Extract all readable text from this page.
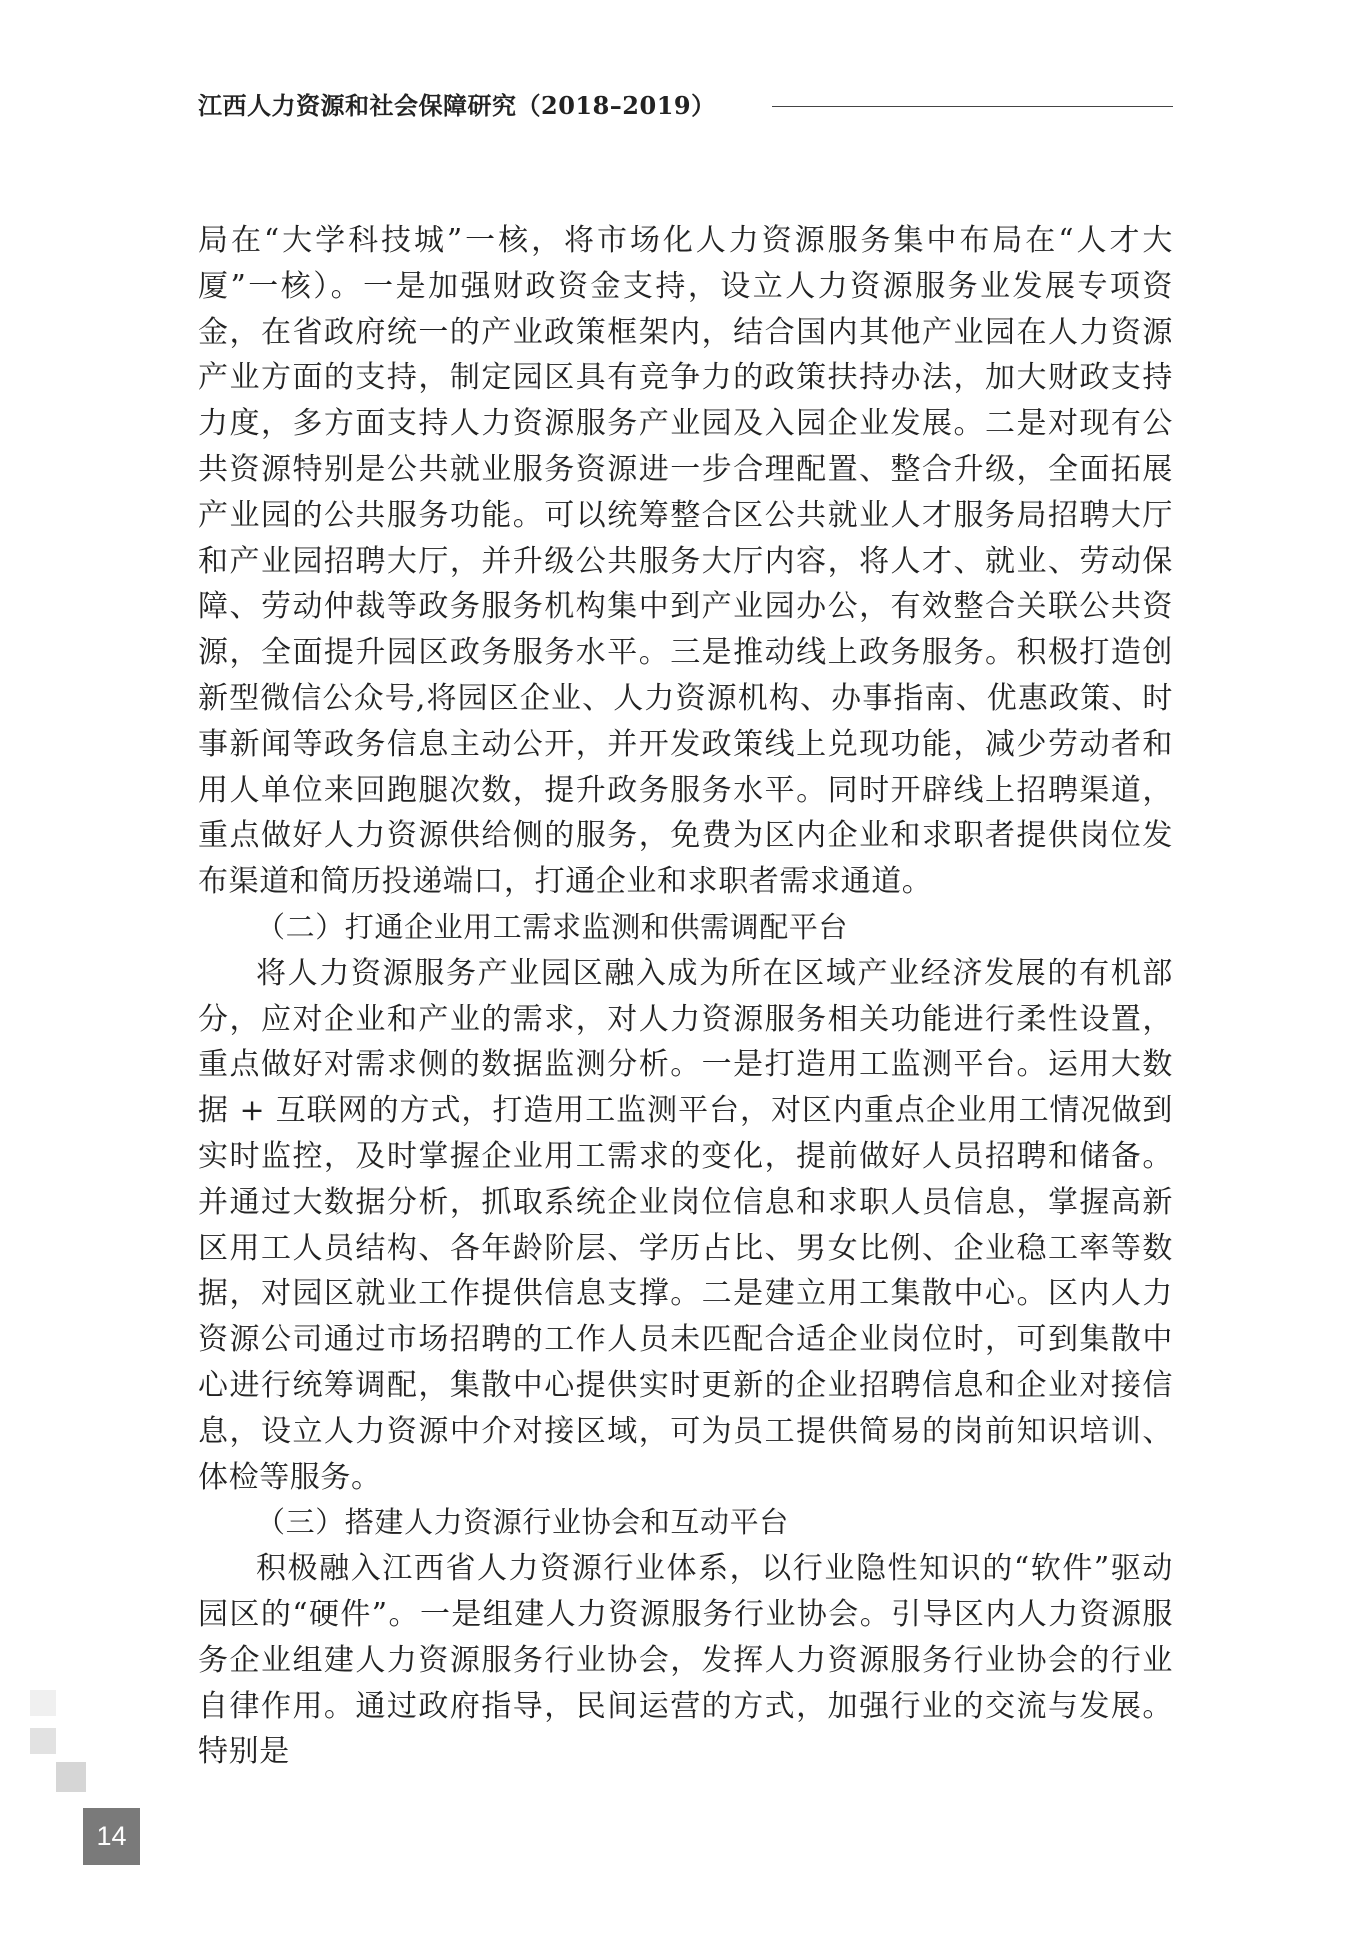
江西人力资源和社会保障研究（2018–2019）

局在“大学科技城”一核，将市场化人力资源服务集中布局在“人才大厦”一核）。一是加强财政资金支持，设立人力资源服务业发展专项资金，在省政府统一的产业政策框架内，结合国内其他产业园在人力资源产业方面的支持，制定园区具有竞争力的政策扶持办法，加大财政支持力度，多方面支持人力资源服务产业园及入园企业发展。二是对现有公共资源特别是公共就业服务资源进一步合理配置、整合升级，全面拓展产业园的公共服务功能。可以统筹整合区公共就业人才服务局招聘大厅和产业园招聘大厅，并升级公共服务大厅内容，将人才、就业、劳动保障、劳动仲裁等政务服务机构集中到产业园办公，有效整合关联公共资源，全面提升园区政务服务水平。三是推动线上政务服务。积极打造创新型微信公众号,将园区企业、人力资源机构、办事指南、优惠政策、时事新闻等政务信息主动公开，并开发政策线上兑现功能，减少劳动者和用人单位来回跑腿次数，提升政务服务水平。同时开辟线上招聘渠道，重点做好人力资源供给侧的服务，免费为区内企业和求职者提供岗位发布渠道和简历投递端口，打通企业和求职者需求通道。

（二）打通企业用工需求监测和供需调配平台

将人力资源服务产业园区融入成为所在区域产业经济发展的有机部分，应对企业和产业的需求，对人力资源服务相关功能进行柔性设置，重点做好对需求侧的数据监测分析。一是打造用工监测平台。运用大数据 + 互联网的方式，打造用工监测平台，对区内重点企业用工情况做到实时监控，及时掌握企业用工需求的变化，提前做好人员招聘和储备。并通过大数据分析，抓取系统企业岗位信息和求职人员信息，掌握高新区用工人员结构、各年龄阶层、学历占比、男女比例、企业稳工率等数据，对园区就业工作提供信息支撑。二是建立用工集散中心。区内人力资源公司通过市场招聘的工作人员未匹配合适企业岗位时，可到集散中心进行统筹调配，集散中心提供实时更新的企业招聘信息和企业对接信息，设立人力资源中介对接区域，可为员工提供简易的岗前知识培训、体检等服务。

（三）搭建人力资源行业协会和互动平台

积极融入江西省人力资源行业体系，以行业隐性知识的“软件”驱动园区的“硬件”。一是组建人力资源服务行业协会。引导区内人力资源服务企业组建人力资源服务行业协会，发挥人力资源服务行业协会的行业自律作用。通过政府指导，民间运营的方式，加强行业的交流与发展。特别是

14
